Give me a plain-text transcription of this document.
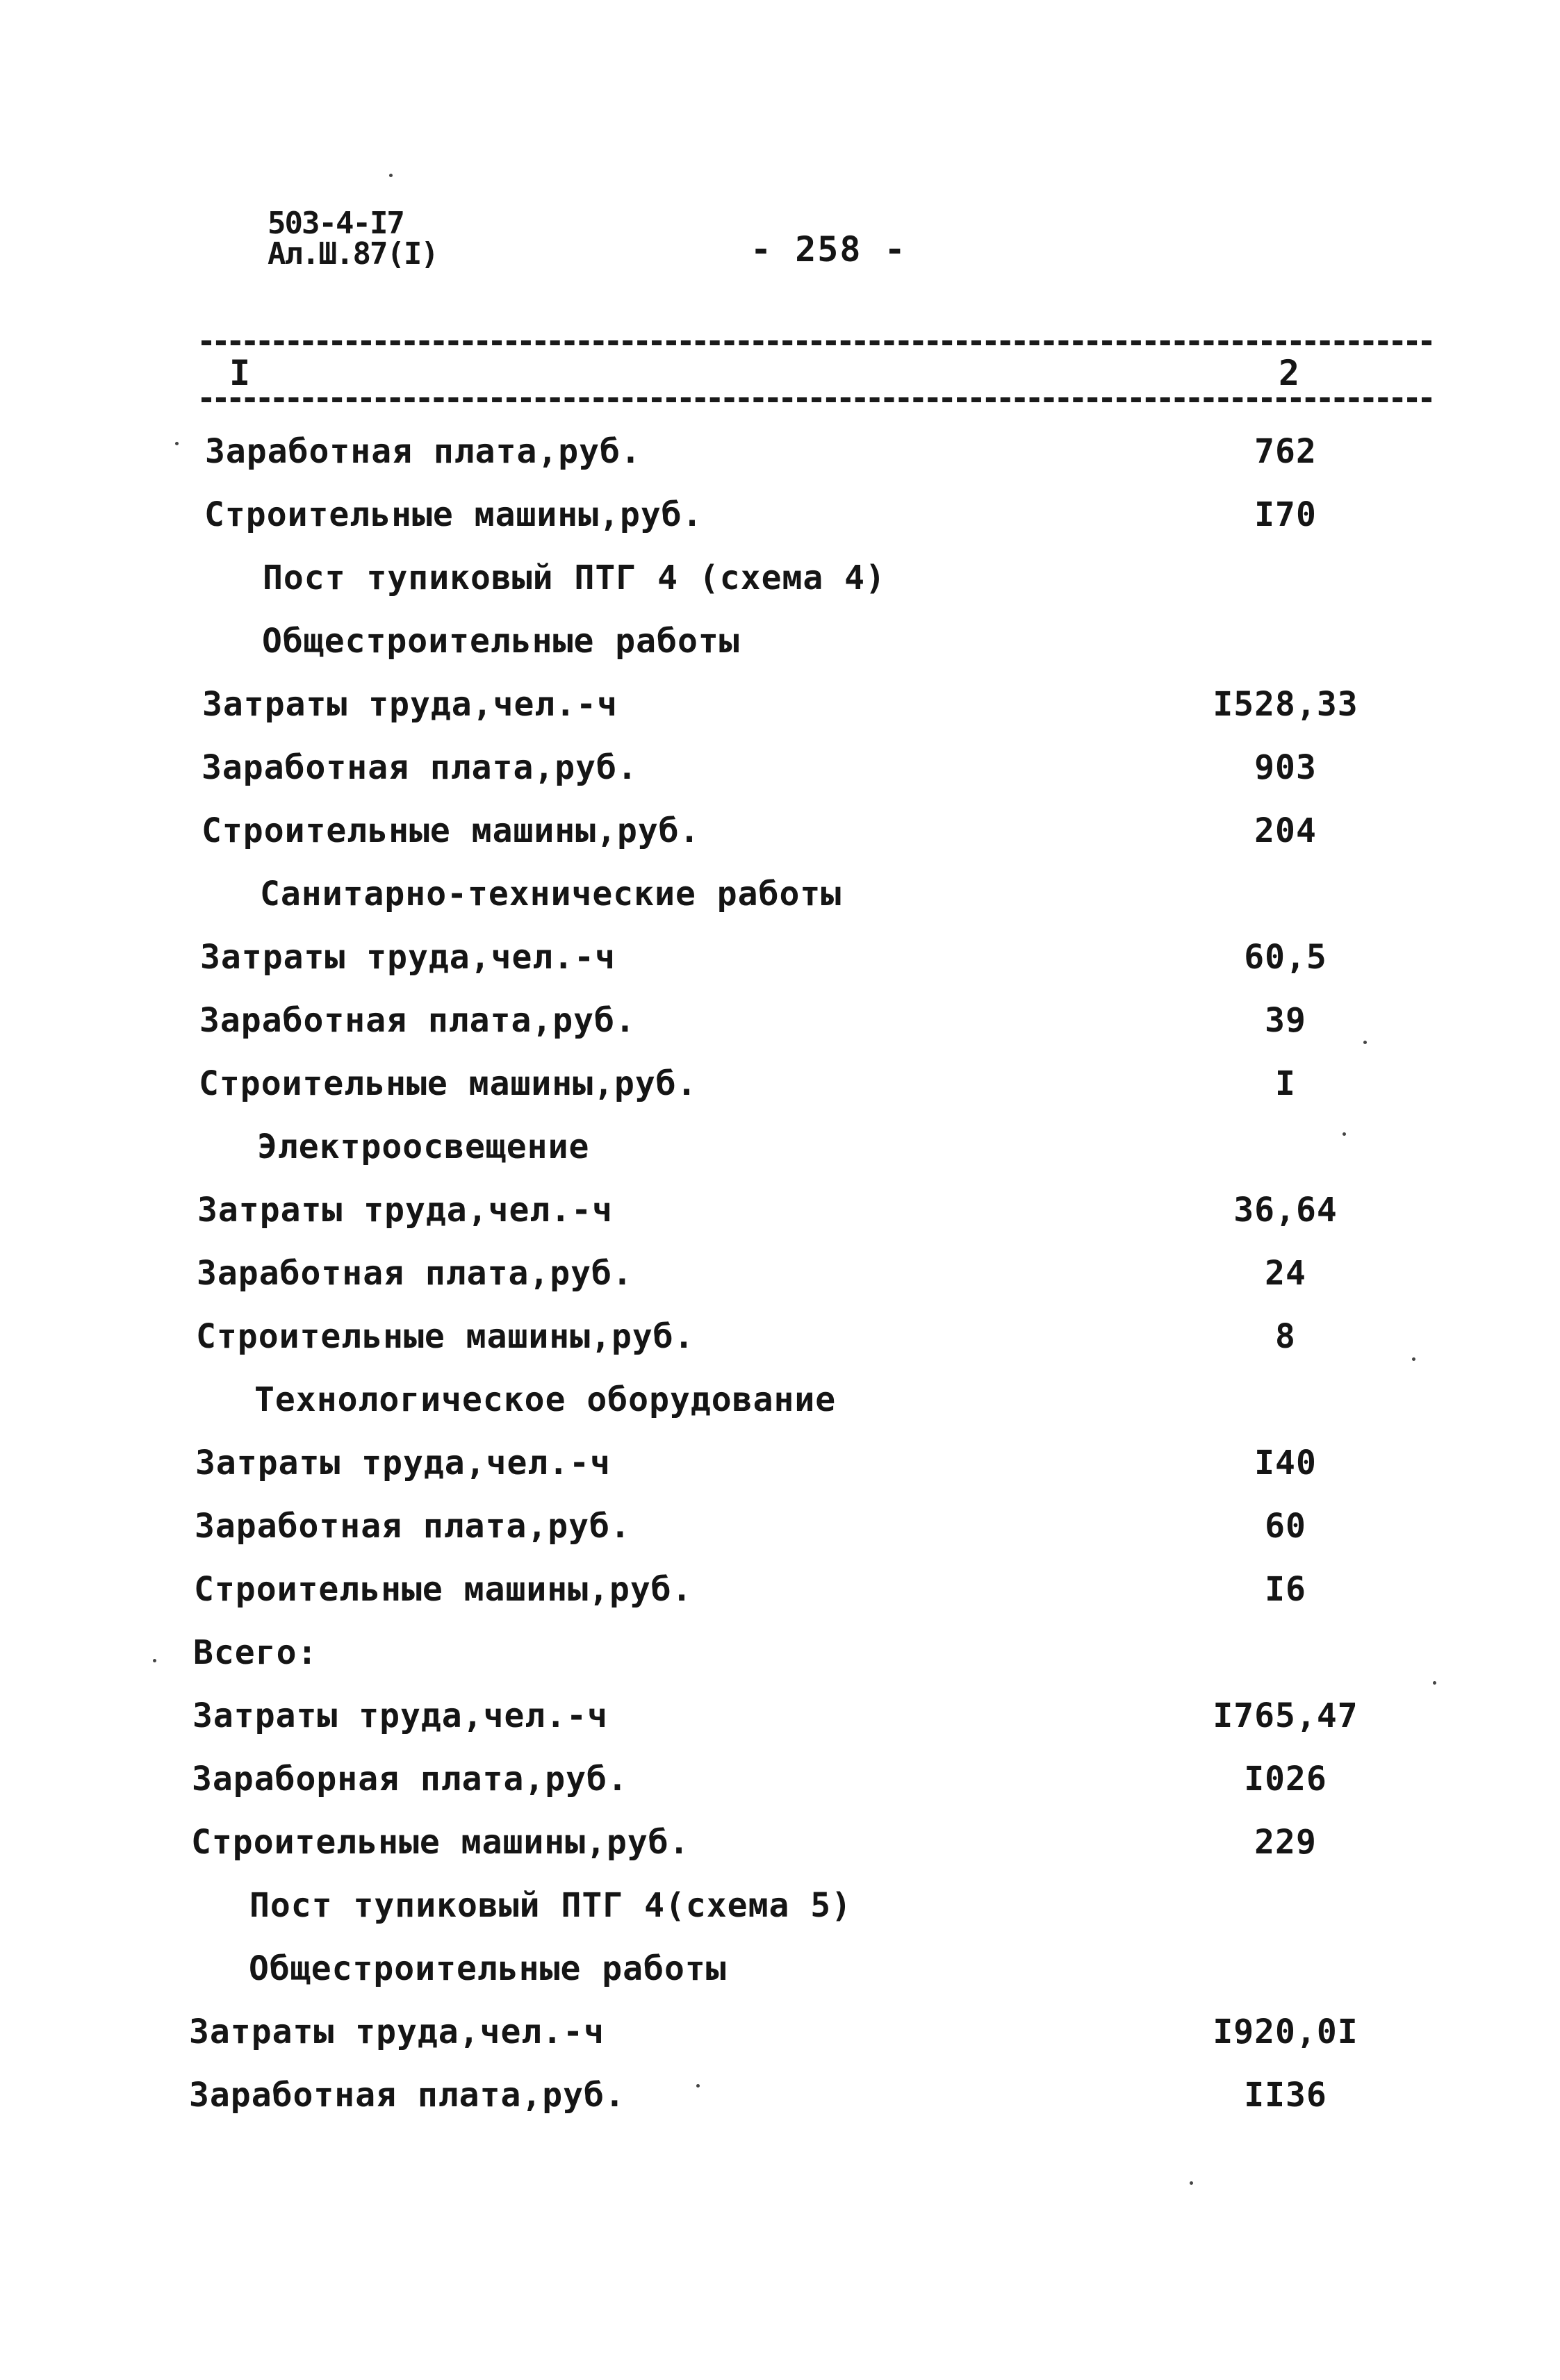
503-4-I7
Ал.Ш.87(I)	- 258 -
I	2
Заработная плата,руб.	762
Строительные машины,руб.	I70
Пост тупиковый ПТГ 4 (схема 4)
Общестроительные работы
Затраты труда,чел.-ч	I528,33
Заработная плата,руб.	903
Строительные машины,руб.	204
Санитарно-технические работы
Затраты труда,чел.-ч	60,5
Заработная плата,руб.	39
Строительные машины,руб.	I
Электроосвещение
Затраты труда,чел.-ч	36,64
Заработная плата,руб.	24
Строительные машины,руб.	8
Технологическое оборудование
Затраты труда,чел.-ч	I40
Заработная плата,руб.	60
Строительные машины,руб.	I6
Всего:
Затраты труда,чел.-ч	I765,47
Зараборная плата,руб.	I026
Строительные машины,руб.	229
Пост тупиковый ПТГ 4(схема 5)
Общестроительные работы
Затраты труда,чел.-ч	I920,0I
Заработная плата,руб.	II36
